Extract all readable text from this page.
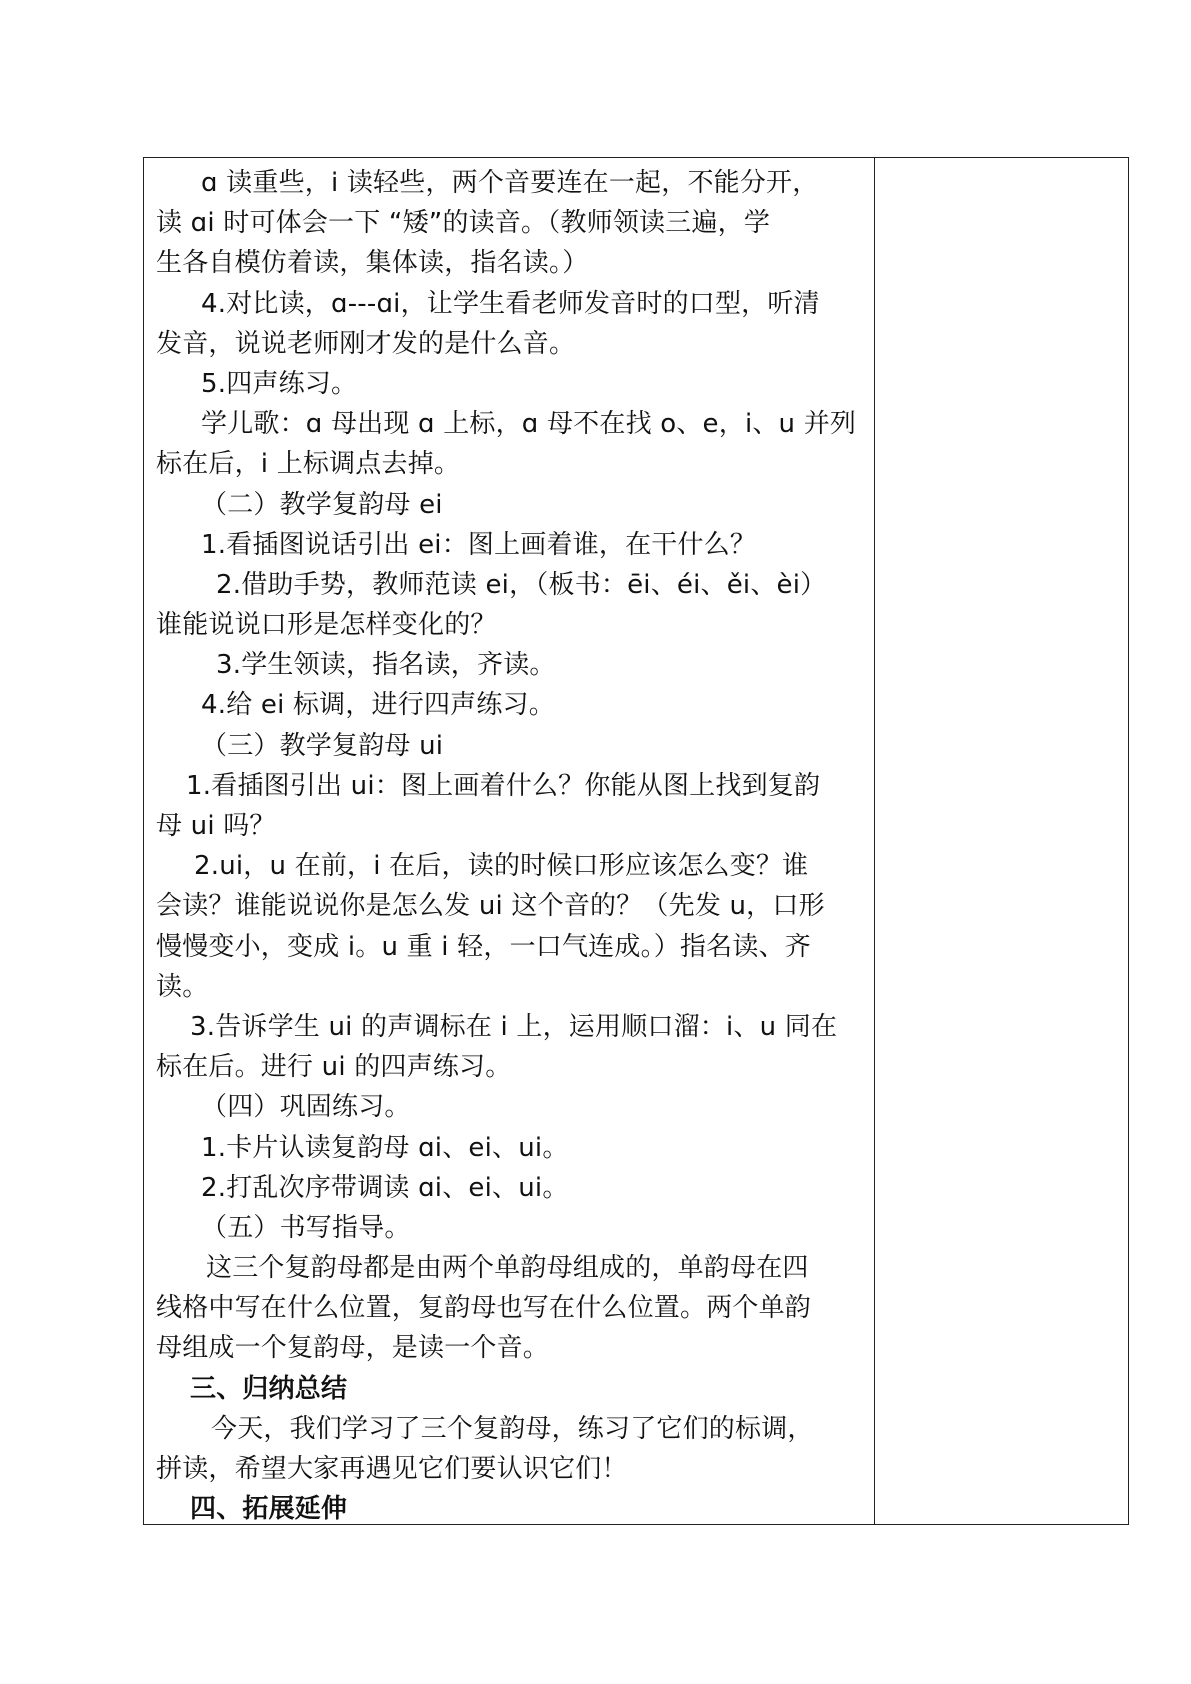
ɑ 读重些，i 读轻些，两个音要连在一起，不能分开，
读 ɑi 时可体会一下 “矮”的读音。（教师领读三遍，学
生各自模仿着读，集体读，指名读。）
4.对比读，ɑ---ɑi，让学生看老师发音时的口型，听清
发音，说说老师刚才发的是什么音。
5.四声练习。
学儿歌：ɑ 母出现 ɑ 上标，ɑ 母不在找 o、e，i、u 并列
标在后，i 上标调点去掉。
（二）教学复韵母 ei
1.看插图说话引出 ei：图上画着谁，在干什么？
2.借助手势，教师范读 ei，（板书：ēi、éi、ěi、èi）
谁能说说口形是怎样变化的？
3.学生领读，指名读，齐读。
4.给 ei 标调，进行四声练习。
（三）教学复韵母 ui
1.看插图引出 ui：图上画着什么？你能从图上找到复韵
母 ui 吗？
2.ui，u 在前，i 在后，读的时候口形应该怎么变？谁
会读？谁能说说你是怎么发 ui 这个音的？（先发 u，口形
慢慢变小，变成 i。u 重 i 轻，一口气连成。）指名读、齐
读。
3.告诉学生 ui 的声调标在 i 上，运用顺口溜：i、u 同在
标在后。进行 ui 的四声练习。
（四）巩固练习。
1.卡片认读复韵母 ɑi、ei、ui。
2.打乱次序带调读 ɑi、ei、ui。
（五）书写指导。
这三个复韵母都是由两个单韵母组成的，单韵母在四
线格中写在什么位置，复韵母也写在什么位置。两个单韵
母组成一个复韵母，是读一个音。
三、归纳总结
今天，我们学习了三个复韵母，练习了它们的标调，
拼读，希望大家再遇见它们要认识它们！
四、拓展延伸
